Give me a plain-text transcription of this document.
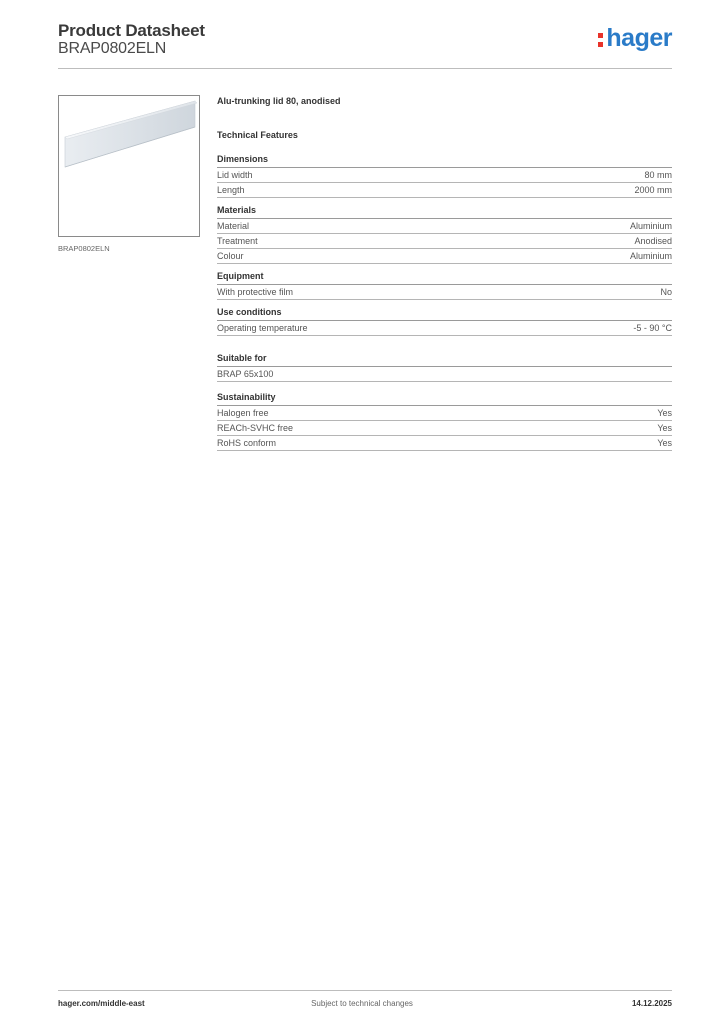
Product Datasheet
BRAP0802ELN	hager
BRAP0802ELN
Alu-trunking lid 80, anodised
Technical Features
Dimensions
Lid width	80 mm
Length	2000 mm
Materials
Material	Aluminium
Treatment	Anodised
Colour	Aluminium
Equipment
With protective film	No
Use conditions
Operating temperature	-5 - 90 °C
Suitable for
BRAP 65x100
Sustainability
Halogen free	Yes
REACh-SVHC free	Yes
RoHS conform	Yes
hager.com/middle-east	Subject to technical changes	14.12.2025
